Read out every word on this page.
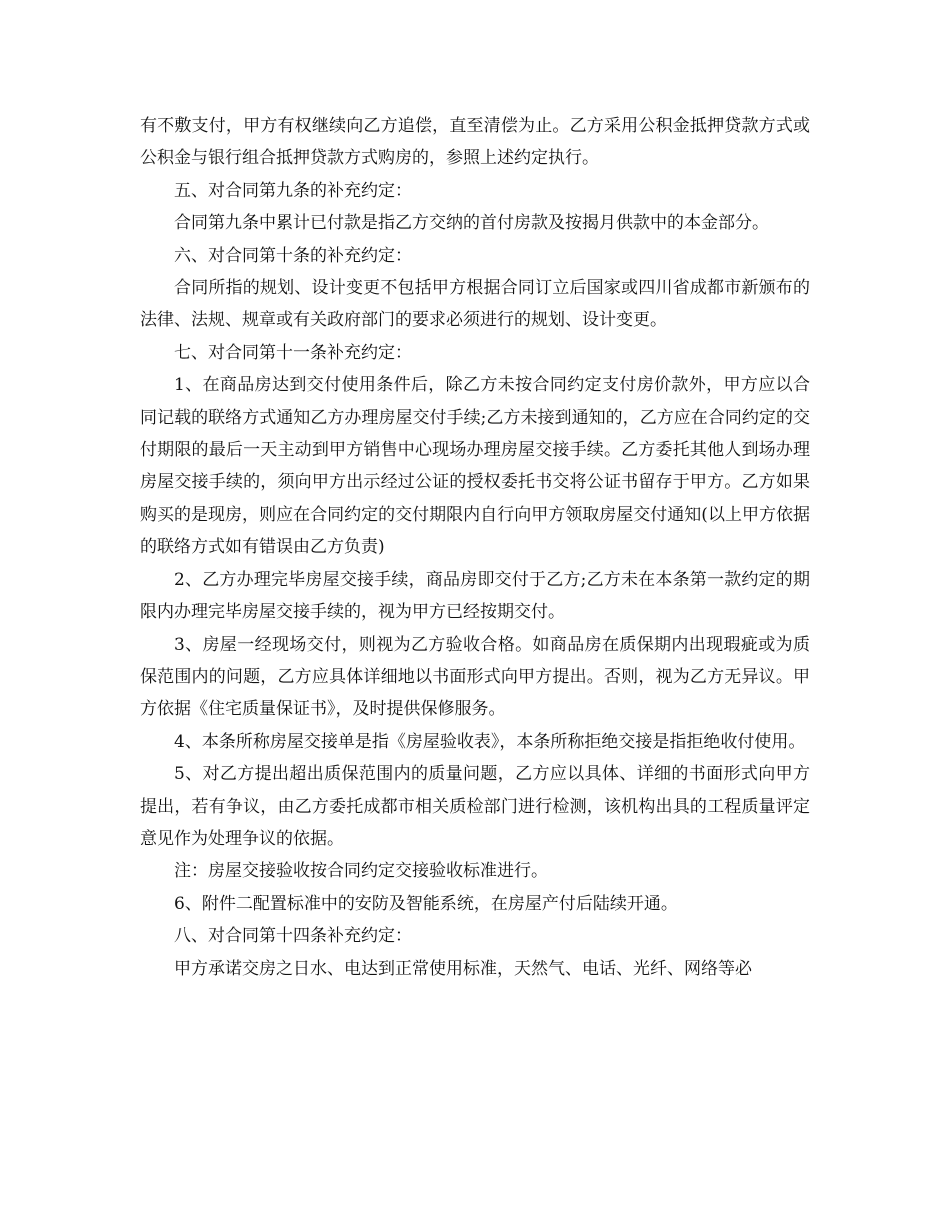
有不敷支付，甲方有权继续向乙方追偿，直至清偿为止。乙方采用公积金抵押贷款方式或公积金与银行组合抵押贷款方式购房的，参照上述约定执行。

五、对合同第九条的补充约定：

合同第九条中累计已付款是指乙方交纳的首付房款及按揭月供款中的本金部分。

六、对合同第十条的补充约定：

合同所指的规划、设计变更不包括甲方根据合同订立后国家或四川省成都市新颁布的法律、法规、规章或有关政府部门的要求必须进行的规划、设计变更。

七、对合同第十一条补充约定：

1、在商品房达到交付使用条件后，除乙方未按合同约定支付房价款外，甲方应以合同记载的联络方式通知乙方办理房屋交付手续;乙方未接到通知的，乙方应在合同约定的交付期限的最后一天主动到甲方销售中心现场办理房屋交接手续。乙方委托其他人到场办理房屋交接手续的，须向甲方出示经过公证的授权委托书交将公证书留存于甲方。乙方如果购买的是现房，则应在合同约定的交付期限内自行向甲方领取房屋交付通知(以上甲方依据的联络方式如有错误由乙方负责)

2、乙方办理完毕房屋交接手续，商品房即交付于乙方;乙方未在本条第一款约定的期限内办理完毕房屋交接手续的，视为甲方已经按期交付。

3、房屋一经现场交付，则视为乙方验收合格。如商品房在质保期内出现瑕疵或为质保范围内的问题，乙方应具体详细地以书面形式向甲方提出。否则，视为乙方无异议。甲方依据《住宅质量保证书》，及时提供保修服务。

4、本条所称房屋交接单是指《房屋验收表》，本条所称拒绝交接是指拒绝收付使用。

5、对乙方提出超出质保范围内的质量问题，乙方应以具体、详细的书面形式向甲方提出，若有争议，由乙方委托成都市相关质检部门进行检测，该机构出具的工程质量评定意见作为处理争议的依据。

注：房屋交接验收按合同约定交接验收标准进行。

6、附件二配置标准中的安防及智能系统，在房屋产付后陆续开通。

八、对合同第十四条补充约定：

甲方承诺交房之日水、电达到正常使用标准，天然气、电话、光纤、网络等必
